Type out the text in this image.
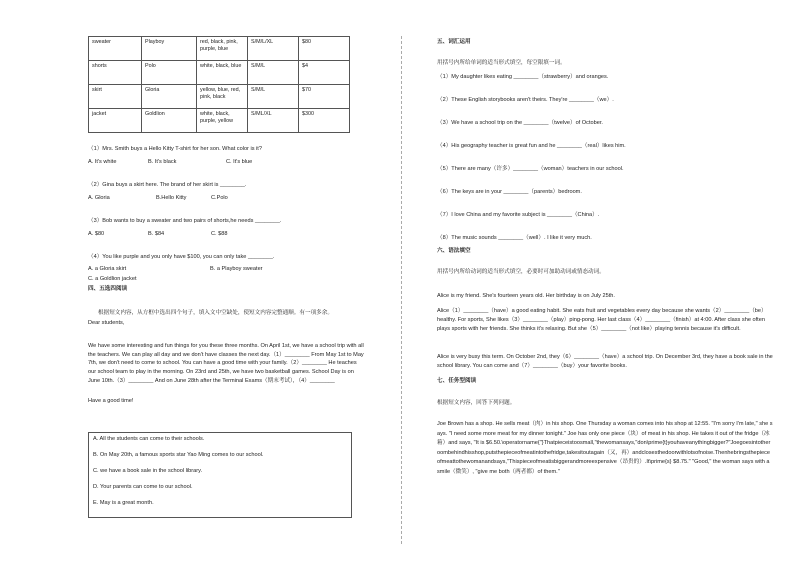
sweater	Playboy	red, black, pink, purple, blue	S/M/L/XL	$80
shorts	Polo	white, black, blue	S/M/L	$4
skirt	Gloria	yellow, blue, red, pink, black	S/M/L	$70
jacket	Goldlion	white, black, purple, yellow	S/ML/XL	$300
（1）Mrs. Smith buys a Hello Kitty T-shirt for her son. What color is it?
A. It's white	B. It's black	C. It's blue
（2）Gina buys a skirt here. The brand of her skirt is ________.
A. Gloria	B.Hello Kitty	C.Polo
（3）Bob wants to buy a sweater and two pairs of shorts,he needs ________.
A. $80	B. $84	C. $88
（4）You like purple and you only have $100, you can only take ________.
A. a Gloria skirt	B. a Playboy sweater
C. a Goldlion jacket
四、五选四阅读
根据短文内容，从方框中选出四个句子，填入文中空缺处，使短文内容完整通顺。有一项多余。
Dear students,
We have some interesting and fun things for you these three months. On April 1st, we have a school trip with all the teachers. We can play all day and we don't have classes the next day.（1）________ From May 1st to May 7th, we don't need to come to school. You can have a good time with your family.（2）________ He teaches our school team to play in the morning. On 23rd and 25th, we have two basketball games. School Day is on June 10th.（3）________ And on June 28th after the Terminal Exams（期末考试），（4）________
Have a good time!
A. All the students can come to their schools.
B. On May 20th, a famous sports star Yao Ming comes to our school.
C. we have a book sale in the school library.
D. Your parents can come to our school.
E. May is a great month.
五、词汇运用
用括号内所给单词的适当形式填空，每空限填一词。
（1）My daughter likes eating ________（strawberry）and oranges.
（2）These English storybooks aren't theirs. They're ________（we）.
（3）We have a school trip on the ________（twelve）of October.
（4）His geography teacher is great fun and he ________（real）likes him.
（5）There are many（许多）________（woman）teachers in our school.
（6）The keys are in your ________（parents）bedroom.
（7）I love China and my favorite subject is ________（China）.
（8）The music sounds ________（well）. I like it very much.
六、语法填空
用括号内所给动词的适当形式填空，必要时可加助动词或情态动词。
Alice is my friend. She's fourteen years old. Her birthday is on July 25th.
Alice（1）________（have）a good eating habit. She eats fruit and vegetables every day because she wants（2）________（be）healthy. For sports, She likes（3）________（play）ping-pong. Her last class（4）________（finish）at 4:00. After class she often plays sports with her friends. She thinks it's relaxing. But she（5）________（not like）playing tennis because it's difficult.
Alice is very busy this term. On October 2nd, they（6）________（have）a school trip. On December 3rd, they have a book sale in the school library. You can come and（7）________（buy）your favorite books.
七、任务型阅读
根据短文内容，回答下列问题。
Joe Brown has a shop. He sells meat（肉）in his shop. One Thursday a woman comes into his shop at 12:55. "I'm sorry I'm late," she says. "I need some more meat for my dinner tonight." Joe has only one piece（块）of meat in his shop. He takes it out of the fridge（冰箱）and says, "It is $6.50.\operatorname{"}Thatpieceistoosmall,"thewomansays,"don\prime{t}youhaveanythingbigger?"Joegoesintotheroombehindhisshop,putsthepieceofmeatintothefridge,takesitoutagain（又，再）andclosesthedoorwithlotsofnoise.Thenhebringsthepieceofmeattothewomanandsays,"Thispieceofmeatisbiggerandmoreexpensive（昂贵的）.It\prime{s} $8.75." "Good," the woman says with a smile（微笑）, "give me both（两者都）of them."
